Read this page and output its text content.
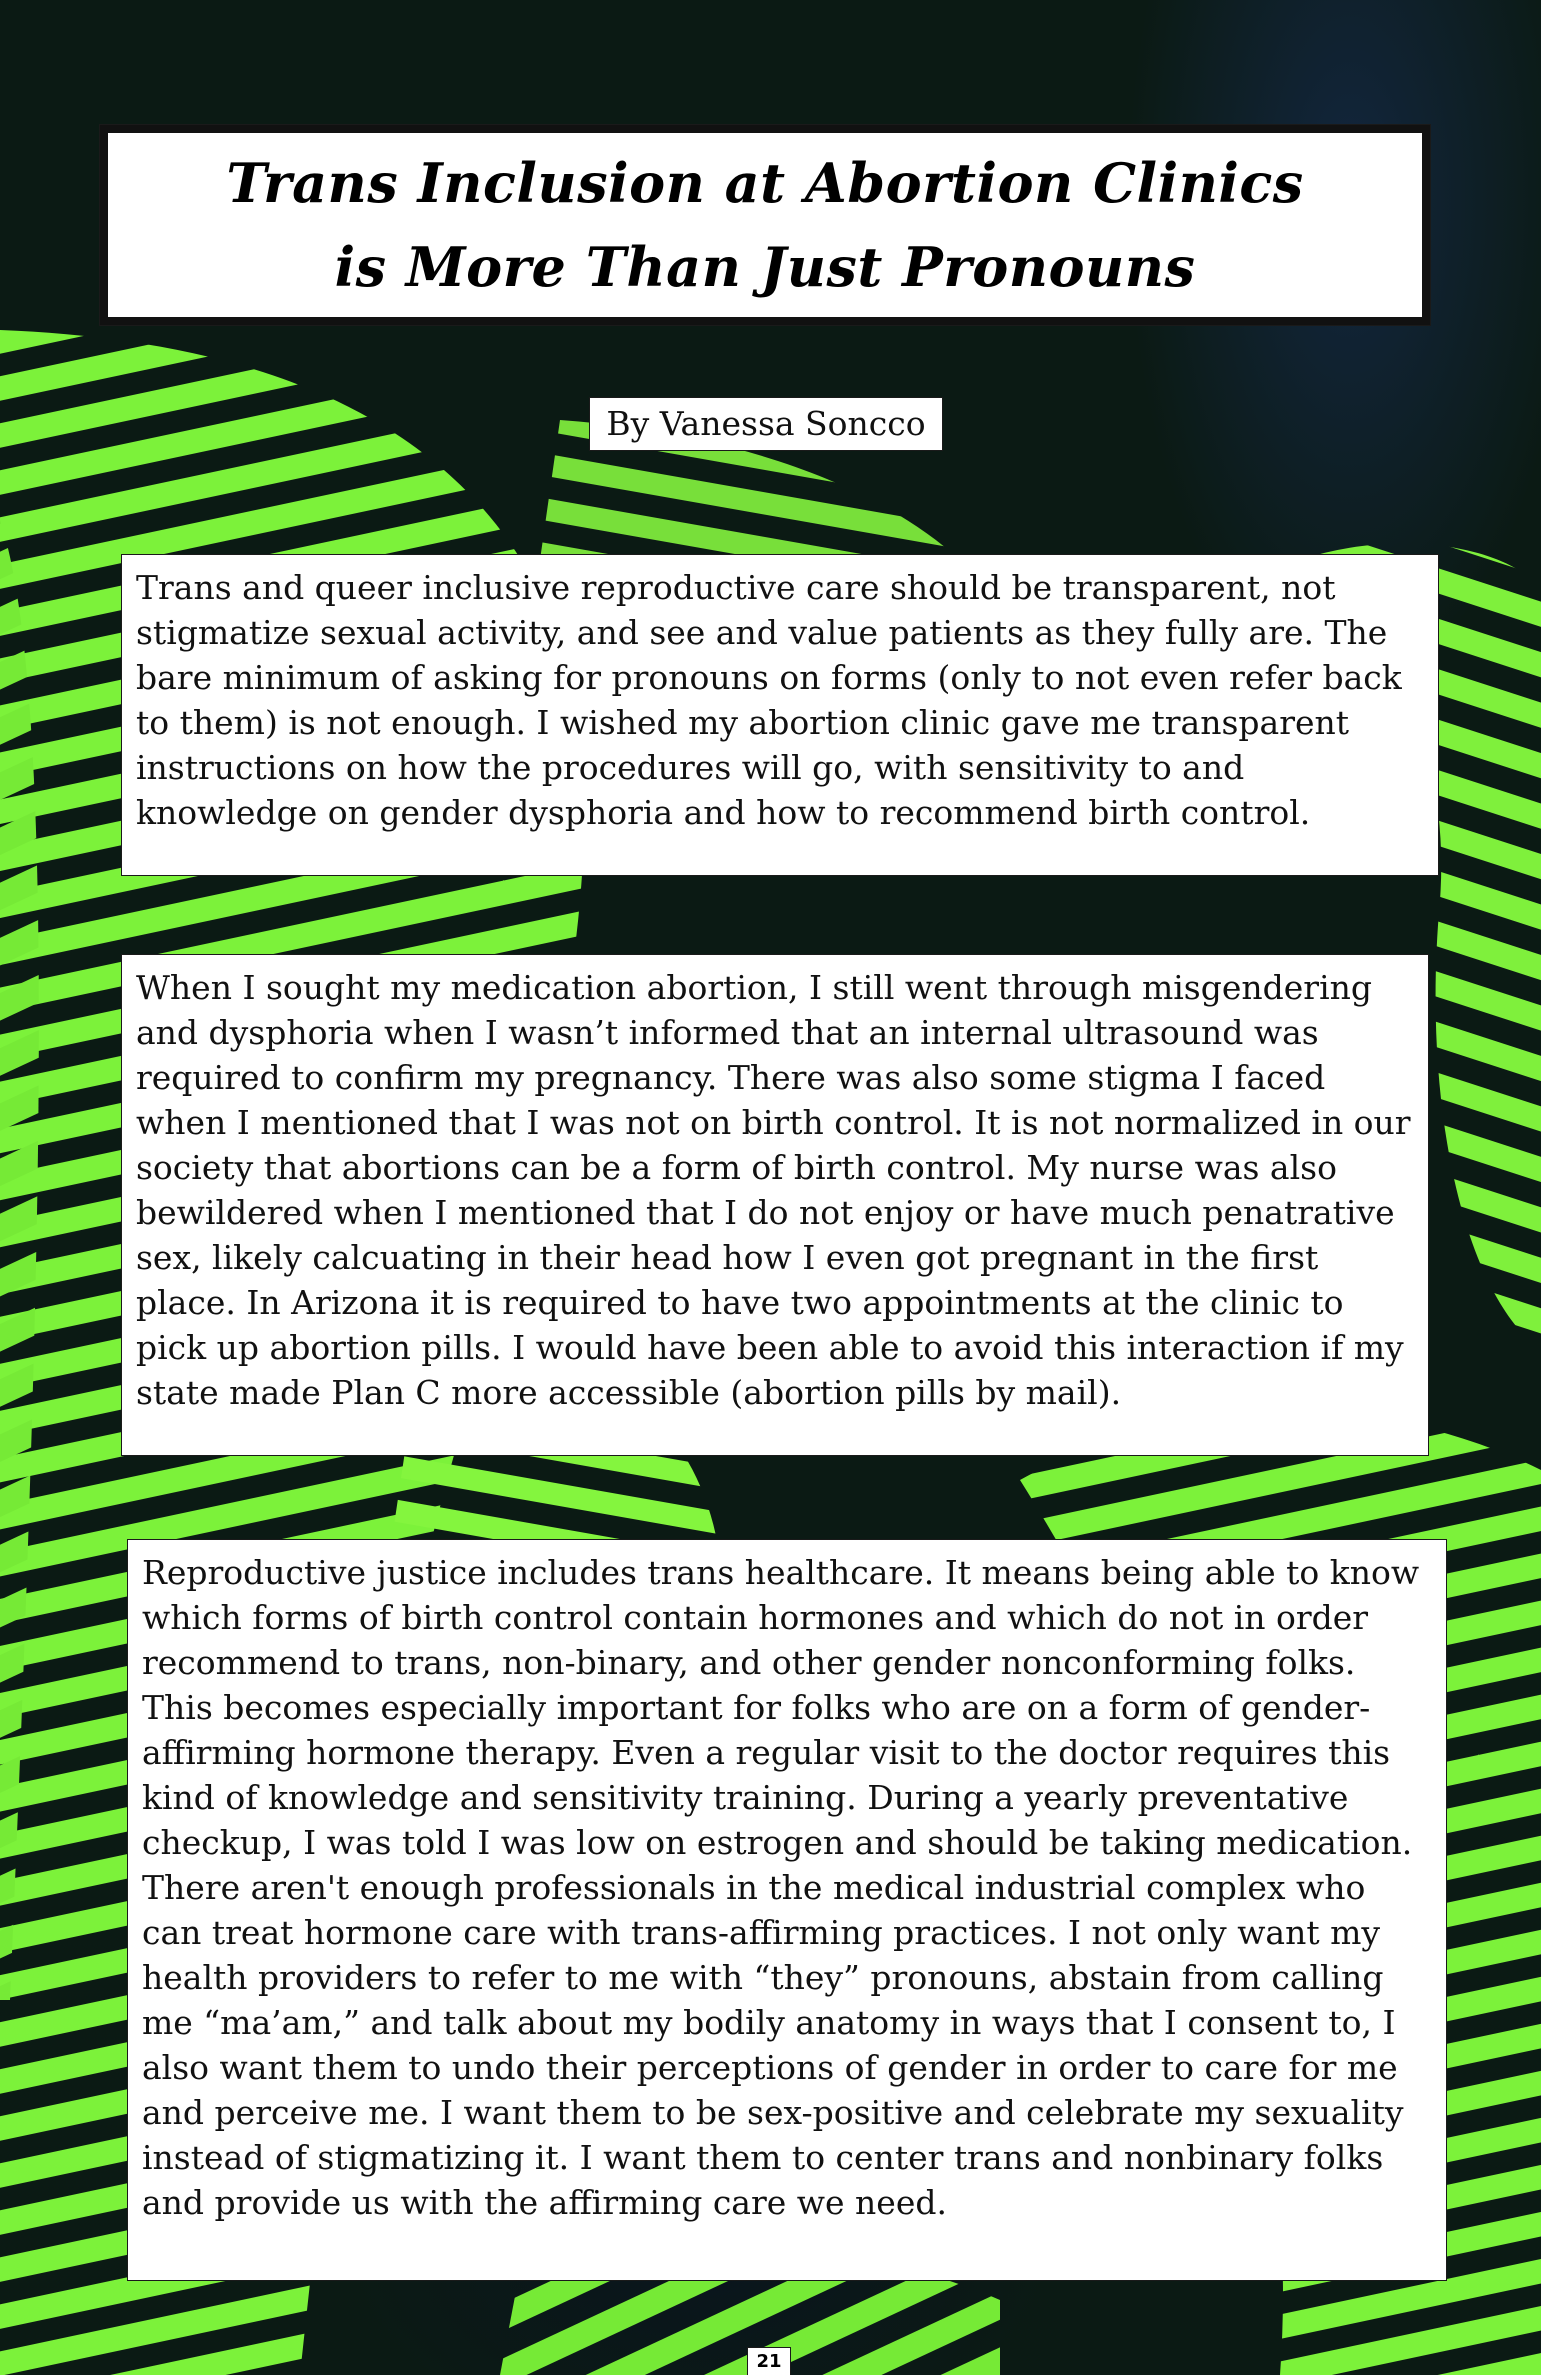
Trans Inclusion at Abortion Clinics
is More Than Just Pronouns
By Vanessa Soncco
Trans and queer inclusive reproductive care should be transparent, not stigmatize sexual activity, and see and value patients as they fully are. The bare minimum of asking for pronouns on forms (only to not even refer back to them) is not enough. I wished my abortion clinic gave me transparent instructions on how the procedures will go, with sensitivity to and knowledge on gender dysphoria and how to recommend birth control.
When I sought my medication abortion, I still went through misgendering and dysphoria when I wasn’t informed that an internal ultrasound was required to confirm my pregnancy. There was also some stigma I faced when I mentioned that I was not on birth control. It is not normalized in our society that abortions can be a form of birth control. My nurse was also bewildered when I mentioned that I do not enjoy or have much penatrative sex, likely calcuating in their head how I even got pregnant in the first place. In Arizona it is required to have two appointments at the clinic to pick up abortion pills. I would have been able to avoid this interaction if my state made Plan C more accessible (abortion pills by mail).
Reproductive justice includes trans healthcare. It means being able to know which forms of birth control contain hormones and which do not in order recommend to trans, non-binary, and other gender nonconforming folks. This becomes especially important for folks who are on a form of gender-affirming hormone therapy. Even a regular visit to the doctor requires this kind of knowledge and sensitivity training. During a yearly preventative checkup, I was told I was low on estrogen and should be taking medication. There aren't enough professionals in the medical industrial complex who can treat hormone care with trans-affirming practices. I not only want my health providers to refer to me with “they” pronouns, abstain from calling me “ma’am,” and talk about my bodily anatomy in ways that I consent to, I also want them to undo their perceptions of gender in order to care for me and perceive me. I want them to be sex-positive and celebrate my sexuality instead of stigmatizing it. I want them to center trans and nonbinary folks and provide us with the affirming care we need.
21
